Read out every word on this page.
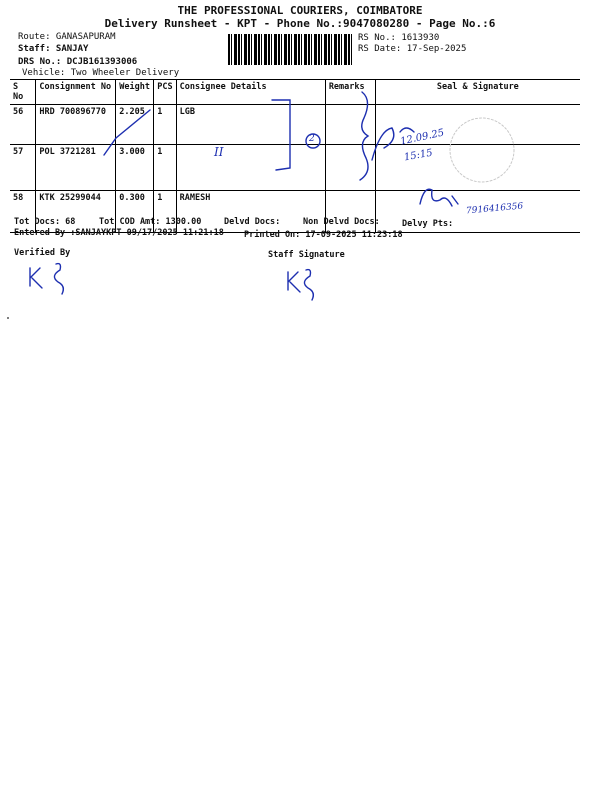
THE PROFESSIONAL COURIERS, COIMBATORE
Delivery Runsheet - KPT - Phone No.:9047080280 - Page No.:6
Route: GANASAPURAM
Staff: SANJAY
DRS No.: DCJB161393006
Vehicle: Two Wheeler Delivery
RS No.: 1613930
RS Date: 17-Sep-2025
S No	Consignment No	Weight	PCS	Consignee Details	Remarks	Seal & Signature
56	HRD 700896770	2.205	1	LGB		
57	POL 3721281	3.000	1			
58	KTK 25299044	0.300	1	RAMESH		
II
2	12.09.25
15:15
7916416356
Tot Docs: 68	Tot COD Amt: 1300.00	Delvd Docs:	Non Delvd Docs:	Delvy Pts:
Entered By :SANJAYKPT 09/17/2025 11:21:18 Printed On: 17-09-2025 11:23:18
Verified By	Staff Signature
